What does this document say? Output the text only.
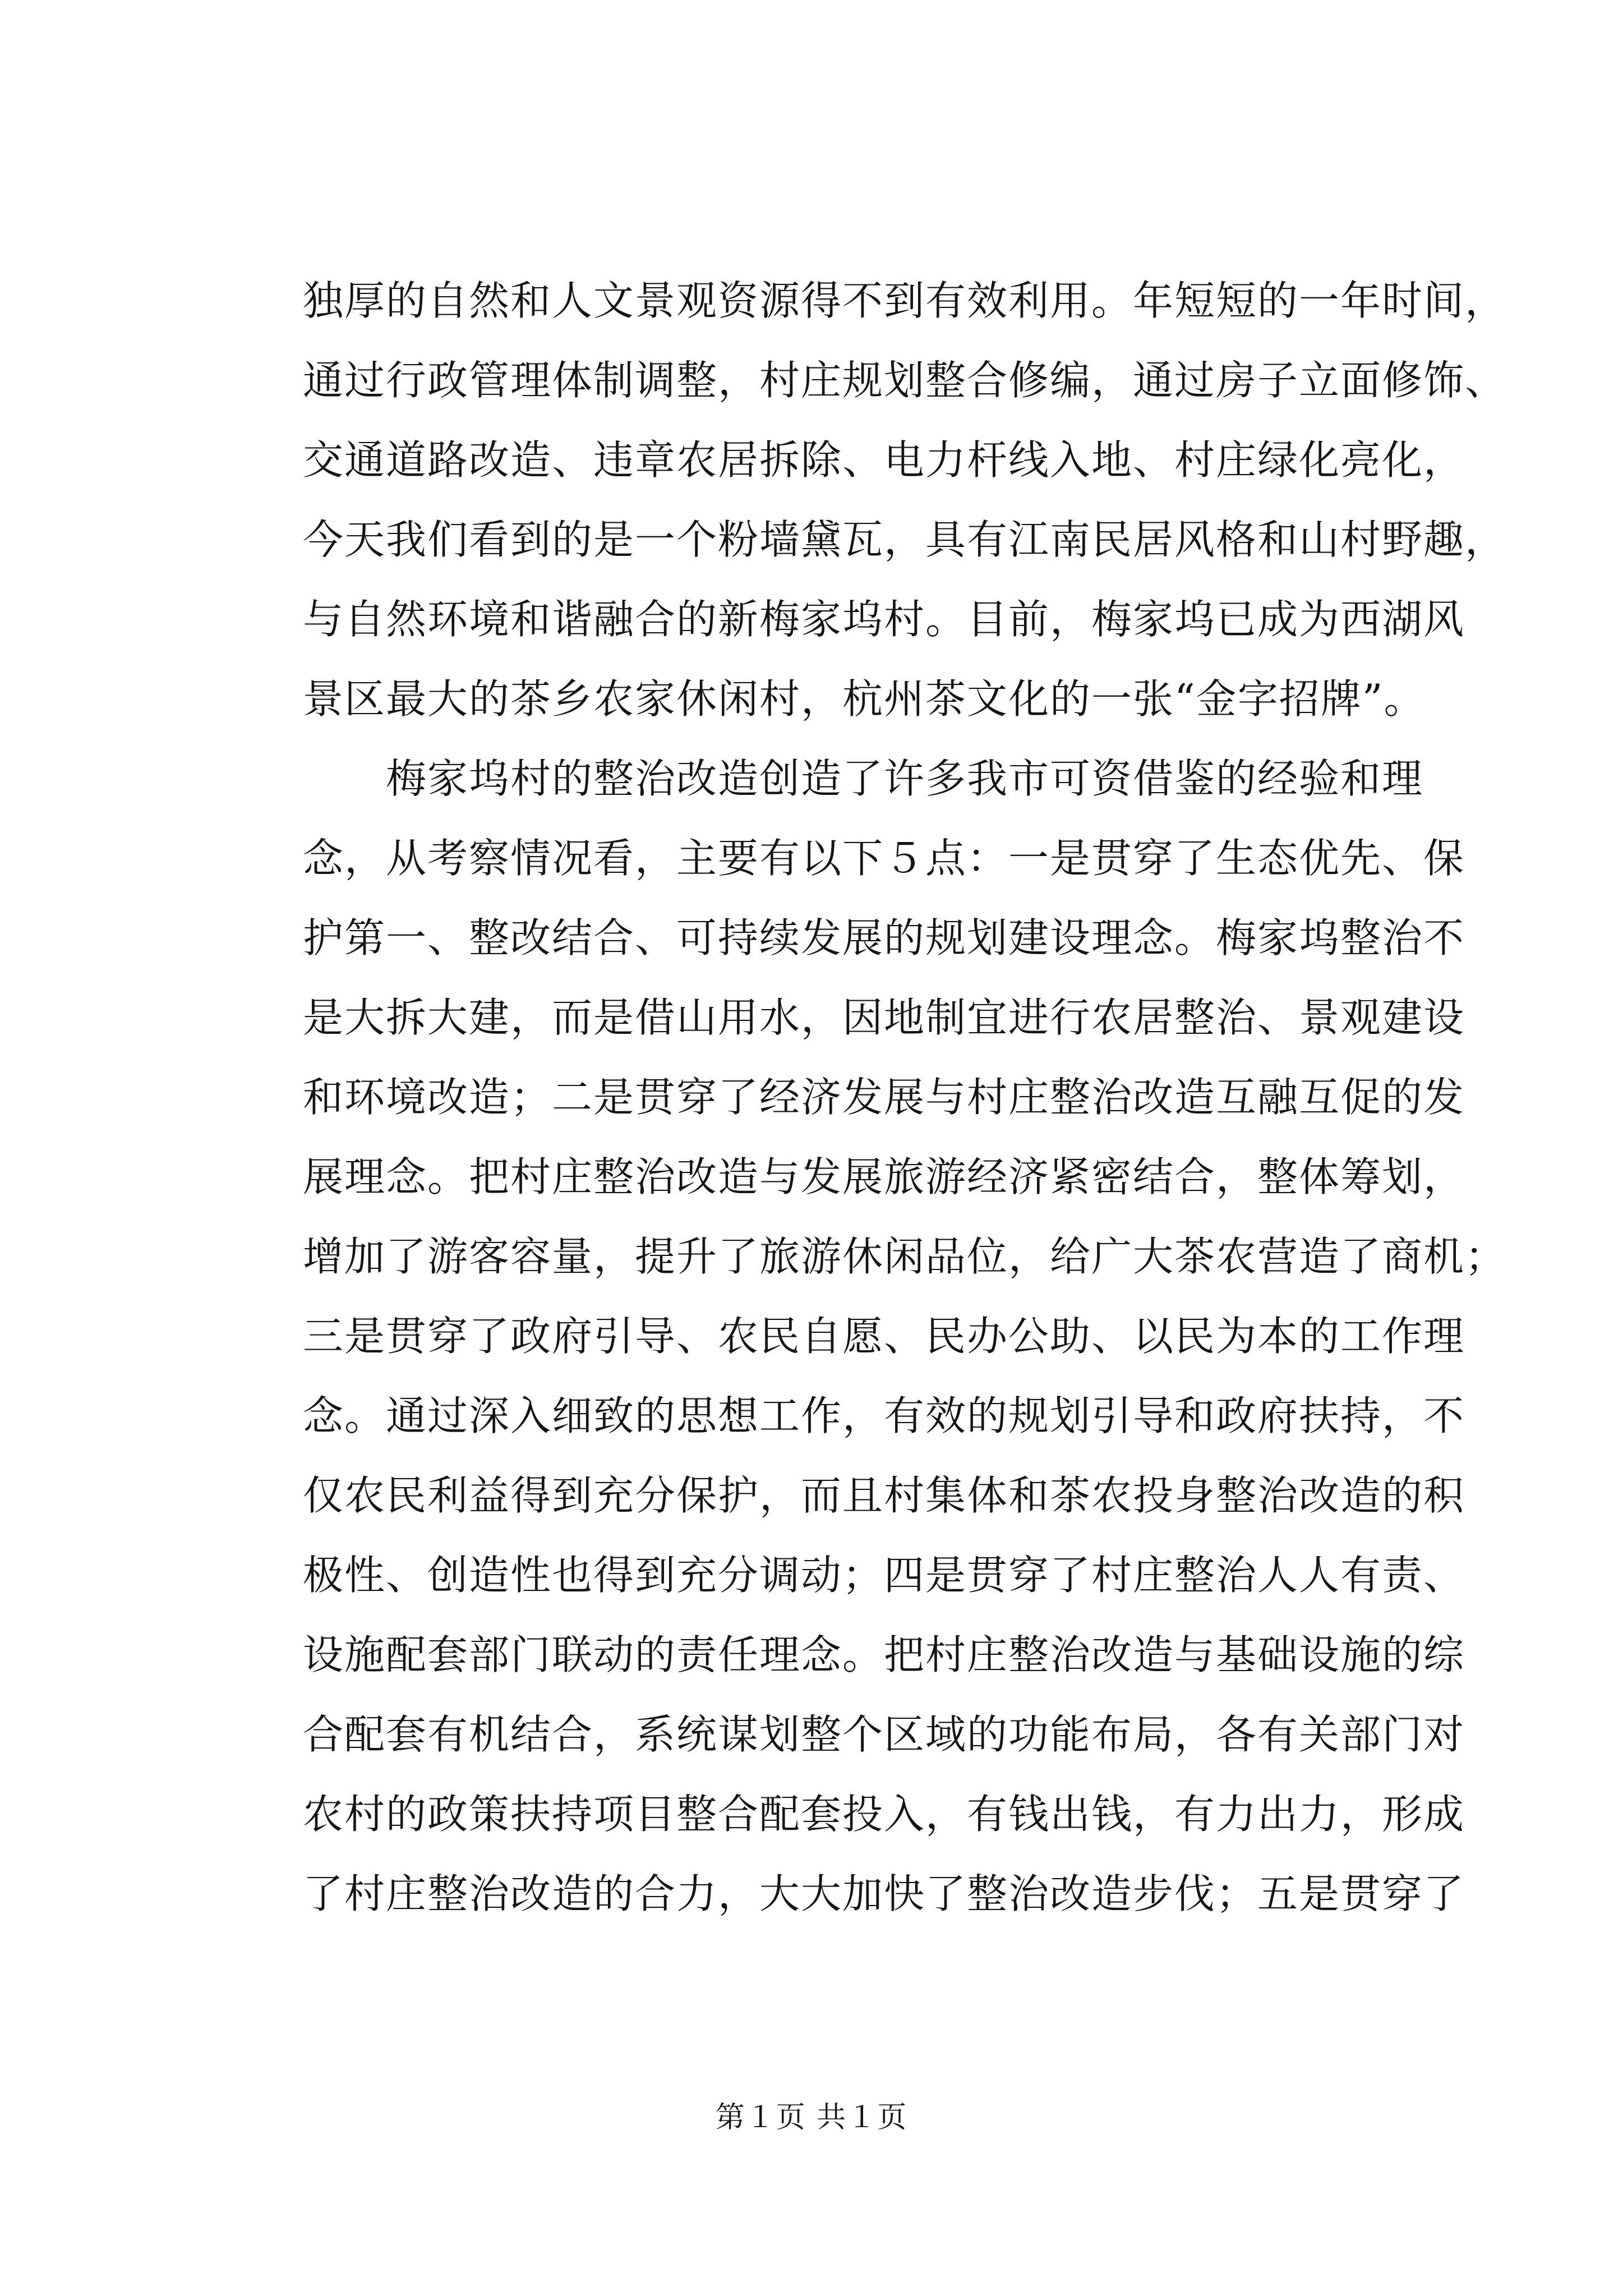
独厚的自然和人文景观资源得不到有效利用。年短短的一年时间，
通过行政管理体制调整，村庄规划整合修编，通过房子立面修饰、
交通道路改造、违章农居拆除、电力杆线入地、村庄绿化亮化，
今天我们看到的是一个粉墙黛瓦，具有江南民居风格和山村野趣，
与自然环境和谐融合的新梅家坞村。目前，梅家坞已成为西湖风
景区最大的茶乡农家休闲村，杭州茶文化的一张“金字招牌”。
　　梅家坞村的整治改造创造了许多我市可资借鉴的经验和理
念，从考察情况看，主要有以下５点：一是贯穿了生态优先、保
护第一、整改结合、可持续发展的规划建设理念。梅家坞整治不
是大拆大建，而是借山用水，因地制宜进行农居整治、景观建设
和环境改造；二是贯穿了经济发展与村庄整治改造互融互促的发
展理念。把村庄整治改造与发展旅游经济紧密结合，整体筹划，
增加了游客容量，提升了旅游休闲品位，给广大茶农营造了商机；
三是贯穿了政府引导、农民自愿、民办公助、以民为本的工作理
念。通过深入细致的思想工作，有效的规划引导和政府扶持，不
仅农民利益得到充分保护，而且村集体和茶农投身整治改造的积
极性、创造性也得到充分调动；四是贯穿了村庄整治人人有责、
设施配套部门联动的责任理念。把村庄整治改造与基础设施的综
合配套有机结合，系统谋划整个区域的功能布局，各有关部门对
农村的政策扶持项目整合配套投入，有钱出钱，有力出力，形成
了村庄整治改造的合力，大大加快了整治改造步伐；五是贯穿了
第１页 共１页
